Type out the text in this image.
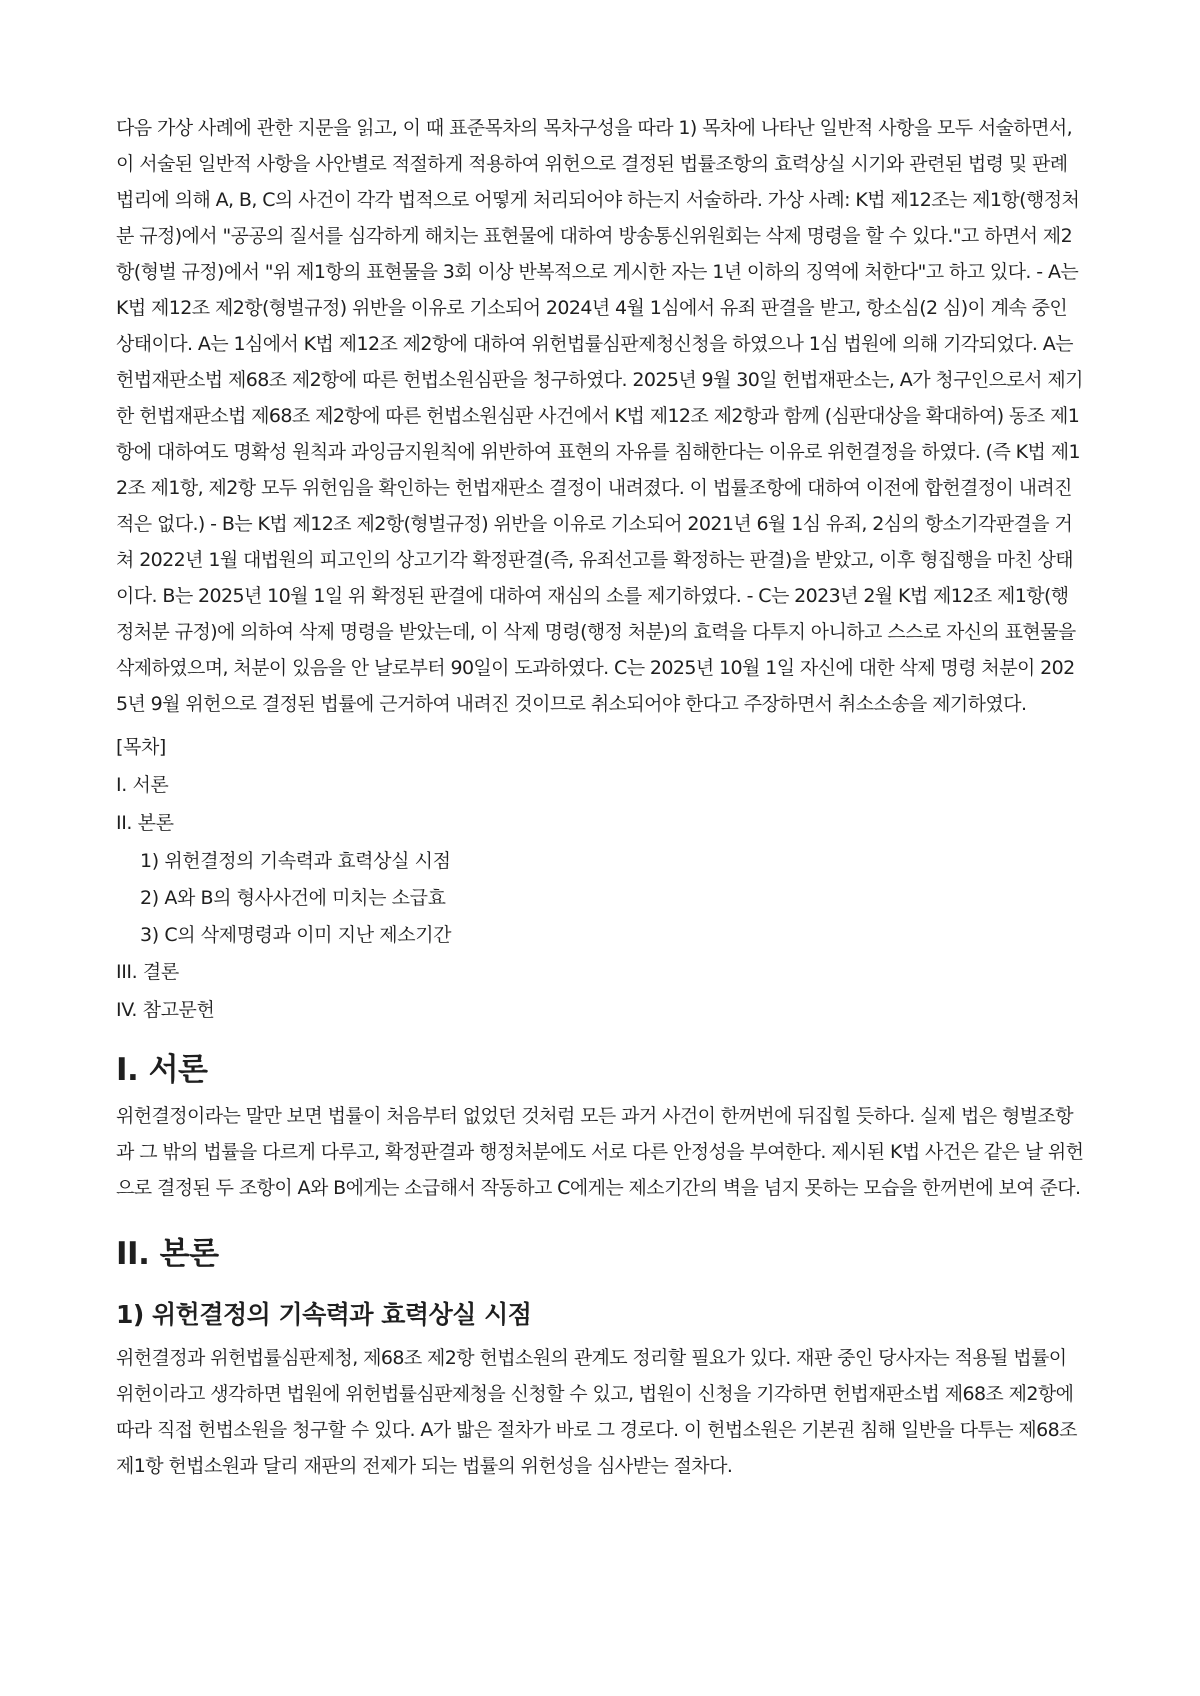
다음 가상 사례에 관한 지문을 읽고, 이 때 표준목차의 목차구성을 따라 1) 목차에 나타난 일반적 사항을 모두 서술하면서, 이 서술된 일반적 사항을 사안별로 적절하게 적용하여 위헌으로 결정된 법률조항의 효력상실 시기와 관련된 법령 및 판례 법리에 의해 A, B, C의 사건이 각각 법적으로 어떻게 처리되어야 하는지 서술하라. 가상 사례: K법 제12조는 제1항(행정처분 규정)에서 "공공의 질서를 심각하게 해치는 표현물에 대하여 방송통신위원회는 삭제 명령을 할 수 있다."고 하면서 제2항(형벌 규정)에서 "위 제1항의 표현물을 3회 이상 반복적으로 게시한 자는 1년 이하의 징역에 처한다"고 하고 있다. - A는 K법 제12조 제2항(형벌규정) 위반을 이유로 기소되어 2024년 4월 1심에서 유죄 판결을 받고, 항소심(2 심)이 계속 중인 상태이다. A는 1심에서 K법 제12조 제2항에 대하여 위헌법률심판제청신청을 하였으나 1심 법원에 의해 기각되었다. A는 헌법재판소법 제68조 제2항에 따른 헌법소원심판을 청구하였다. 2025년 9월 30일 헌법재판소는, A가 청구인으로서 제기한 헌법재판소법 제68조 제2항에 따른 헌법소원심판 사건에서 K법 제12조 제2항과 함께 (심판대상을 확대하여) 동조 제1항에 대하여도 명확성 원칙과 과잉금지원칙에 위반하여 표현의 자유를 침해한다는 이유로 위헌결정을 하였다. (즉 K법 제12조 제1항, 제2항 모두 위헌임을 확인하는 헌법재판소 결정이 내려졌다. 이 법률조항에 대하여 이전에 합헌결정이 내려진 적은 없다.) - B는 K법 제12조 제2항(형벌규정) 위반을 이유로 기소되어 2021년 6월 1심 유죄, 2심의 항소기각판결을 거쳐 2022년 1월 대법원의 피고인의 상고기각 확정판결(즉, 유죄선고를 확정하는 판결)을 받았고, 이후 형집행을 마친 상태이다. B는 2025년 10월 1일 위 확정된 판결에 대하여 재심의 소를 제기하였다. - C는 2023년 2월 K법 제12조 제1항(행정처분 규정)에 의하여 삭제 명령을 받았는데, 이 삭제 명령(행정 처분)의 효력을 다투지 아니하고 스스로 자신의 표현물을 삭제하였으며, 처분이 있음을 안 날로부터 90일이 도과하였다. C는 2025년 10월 1일 자신에 대한 삭제 명령 처분이 2025년 9월 위헌으로 결정된 법률에 근거하여 내려진 것이므로 취소되어야 한다고 주장하면서 취소소송을 제기하였다.

[목차]
I. 서론
II. 본론
1) 위헌결정의 기속력과 효력상실 시점
2) A와 B의 형사사건에 미치는 소급효
3) C의 삭제명령과 이미 지난 제소기간
III. 결론
IV. 참고문헌
I. 서론

위헌결정이라는 말만 보면 법률이 처음부터 없었던 것처럼 모든 과거 사건이 한꺼번에 뒤집힐 듯하다. 실제 법은 형벌조항과 그 밖의 법률을 다르게 다루고, 확정판결과 행정처분에도 서로 다른 안정성을 부여한다. 제시된 K법 사건은 같은 날 위헌으로 결정된 두 조항이 A와 B에게는 소급해서 작동하고 C에게는 제소기간의 벽을 넘지 못하는 모습을 한꺼번에 보여 준다.

II. 본론
1) 위헌결정의 기속력과 효력상실 시점

위헌결정과 위헌법률심판제청, 제68조 제2항 헌법소원의 관계도 정리할 필요가 있다. 재판 중인 당사자는 적용될 법률이 위헌이라고 생각하면 법원에 위헌법률심판제청을 신청할 수 있고, 법원이 신청을 기각하면 헌법재판소법 제68조 제2항에 따라 직접 헌법소원을 청구할 수 있다. A가 밟은 절차가 바로 그 경로다. 이 헌법소원은 기본권 침해 일반을 다투는 제68조 제1항 헌법소원과 달리 재판의 전제가 되는 법률의 위헌성을 심사받는 절차다.
